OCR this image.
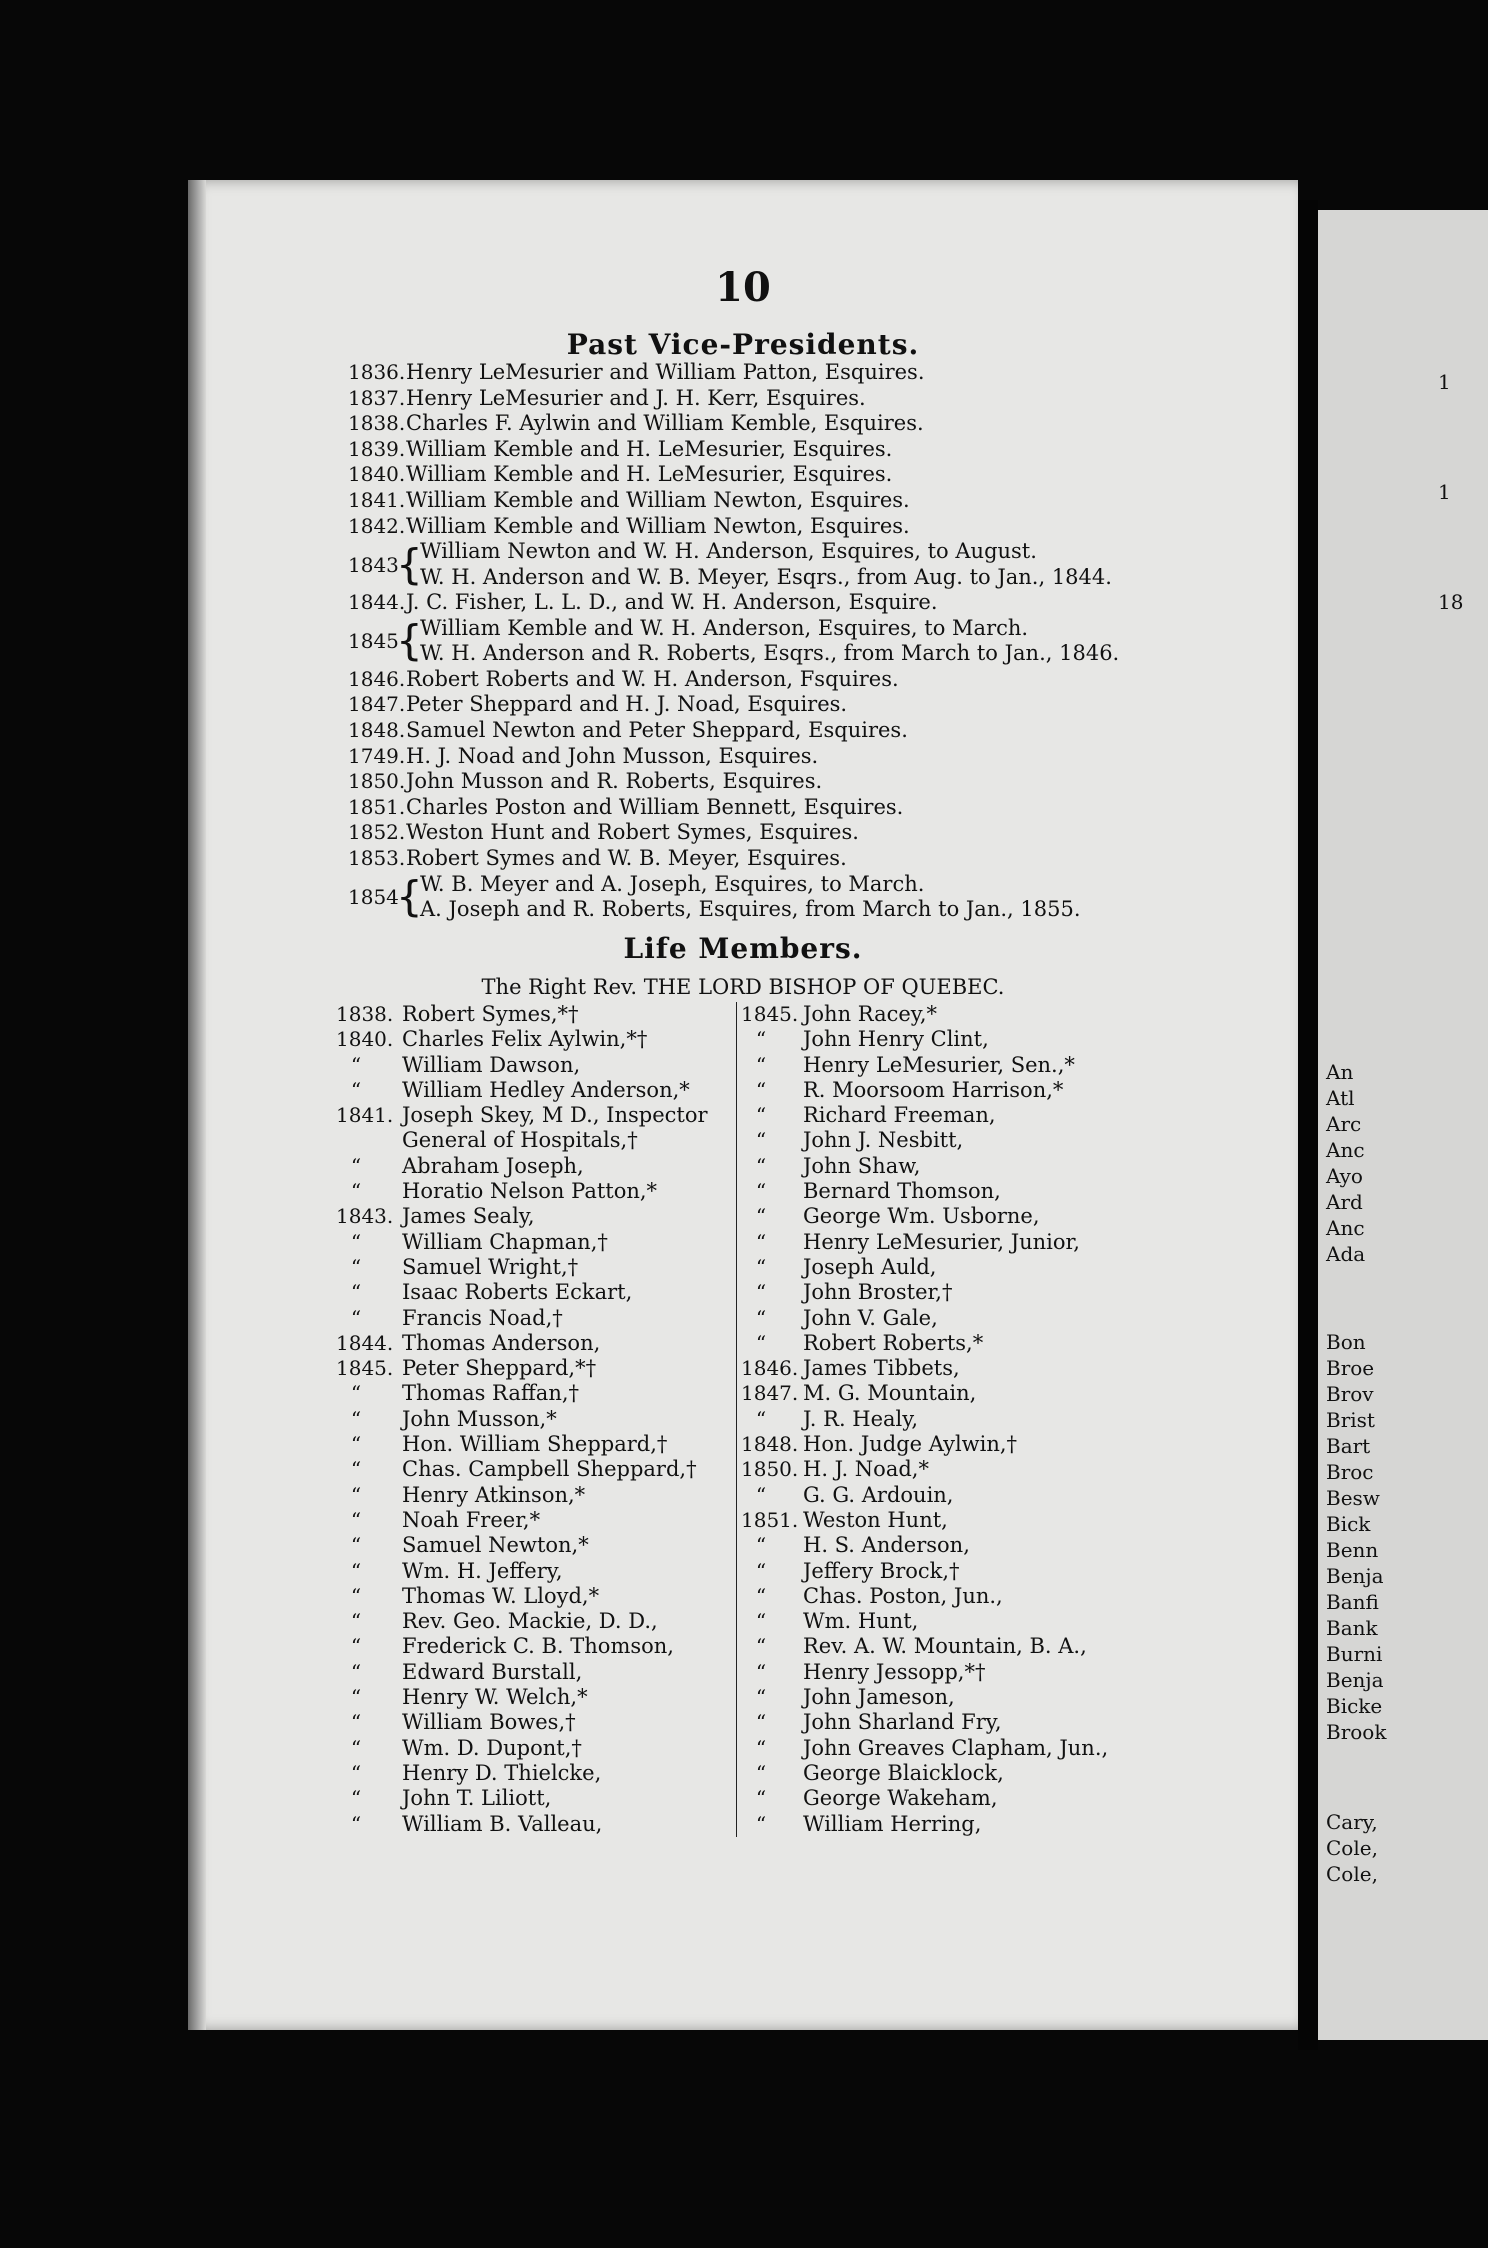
10
Past Vice-Presidents.
1836.Henry LeMesurier and William Patton, Esquires.
1837.Henry LeMesurier and J. H. Kerr, Esquires.
1838.Charles F. Aylwin and William Kemble, Esquires.
1839.William Kemble and H. LeMesurier, Esquires.
1840.William Kemble and H. LeMesurier, Esquires.
1841.William Kemble and William Newton, Esquires.
1842.William Kemble and William Newton, Esquires.
1843
{
William Newton and W. H. Anderson, Esquires, to August.
W. H. Anderson and W. B. Meyer, Esqrs., from Aug. to Jan., 1844.
1844.J. C. Fisher, L. L. D., and W. H. Anderson, Esquire.
1845
{
William Kemble and W. H. Anderson, Esquires, to March.
W. H. Anderson and R. Roberts, Esqrs., from March to Jan., 1846.
1846.Robert Roberts and W. H. Anderson, Fsquires.
1847.Peter Sheppard and H. J. Noad, Esquires.
1848.Samuel Newton and Peter Sheppard, Esquires.
1749.H. J. Noad and John Musson, Esquires.
1850.John Musson and R. Roberts, Esquires.
1851.Charles Poston and William Bennett, Esquires.
1852.Weston Hunt and Robert Symes, Esquires.
1853.Robert Symes and W. B. Meyer, Esquires.
1854
{
W. B. Meyer and A. Joseph, Esquires, to March.
A. Joseph and R. Roberts, Esquires, from March to Jan., 1855.
Life Members.
The Right Rev. THE LORD BISHOP OF QUEBEC.
1838. Robert Symes,*†
1840. Charles Felix Aylwin,*†
“ William Dawson,
“ William Hedley Anderson,*
1841. Joseph Skey, M D., Inspector
General of Hospitals,†
“ Abraham Joseph,
“ Horatio Nelson Patton,*
1843. James Sealy,
“ William Chapman,†
“ Samuel Wright,†
“ Isaac Roberts Eckart,
“ Francis Noad,†
1844. Thomas Anderson,
1845. Peter Sheppard,*†
“ Thomas Raffan,†
“ John Musson,*
“ Hon. William Sheppard,†
“ Chas. Campbell Sheppard,†
“ Henry Atkinson,*
“ Noah Freer,*
“ Samuel Newton,*
“ Wm. H. Jeffery,
“ Thomas W. Lloyd,*
“ Rev. Geo. Mackie, D. D.,
“ Frederick C. B. Thomson,
“ Edward Burstall,
“ Henry W. Welch,*
“ William Bowes,†
“ Wm. D. Dupont,†
“ Henry D. Thielcke,
“ John T. Liliott,
“ William B. Valleau,
1845. John Racey,*
“ John Henry Clint,
“ Henry LeMesurier, Sen.,*
“ R. Moorsoom Harrison,*
“ Richard Freeman,
“ John J. Nesbitt,
“ John Shaw,
“ Bernard Thomson,
“ George Wm. Usborne,
“ Henry LeMesurier, Junior,
“ Joseph Auld,
“ John Broster,†
“ John V. Gale,
“ Robert Roberts,*
1846. James Tibbets,
1847. M. G. Mountain,
“ J. R. Healy,
1848. Hon. Judge Aylwin,†
1850. H. J. Noad,*
“ G. G. Ardouin,
1851. Weston Hunt,
“ H. S. Anderson,
“ Jeffery Brock,†
“ Chas. Poston, Jun.,
“ Wm. Hunt,
“ Rev. A. W. Mountain, B. A.,
“ Henry Jessopp,*†
“ John Jameson,
“ John Sharland Fry,
“ John Greaves Clapham, Jun.,
“ George Blaicklock,
“ George Wakeham,
“ William Herring,
1
1
18
An
Atl
Arc
Anc
Ayo
Ard
Anc
Ada
Bon
Broe
Brov
Brist
Bart
Broc
Besw
Bick
Benn
Benja
Banfi
Bank
Burni
Benja
Bicke
Brook
Cary,
Cole,
Cole,
